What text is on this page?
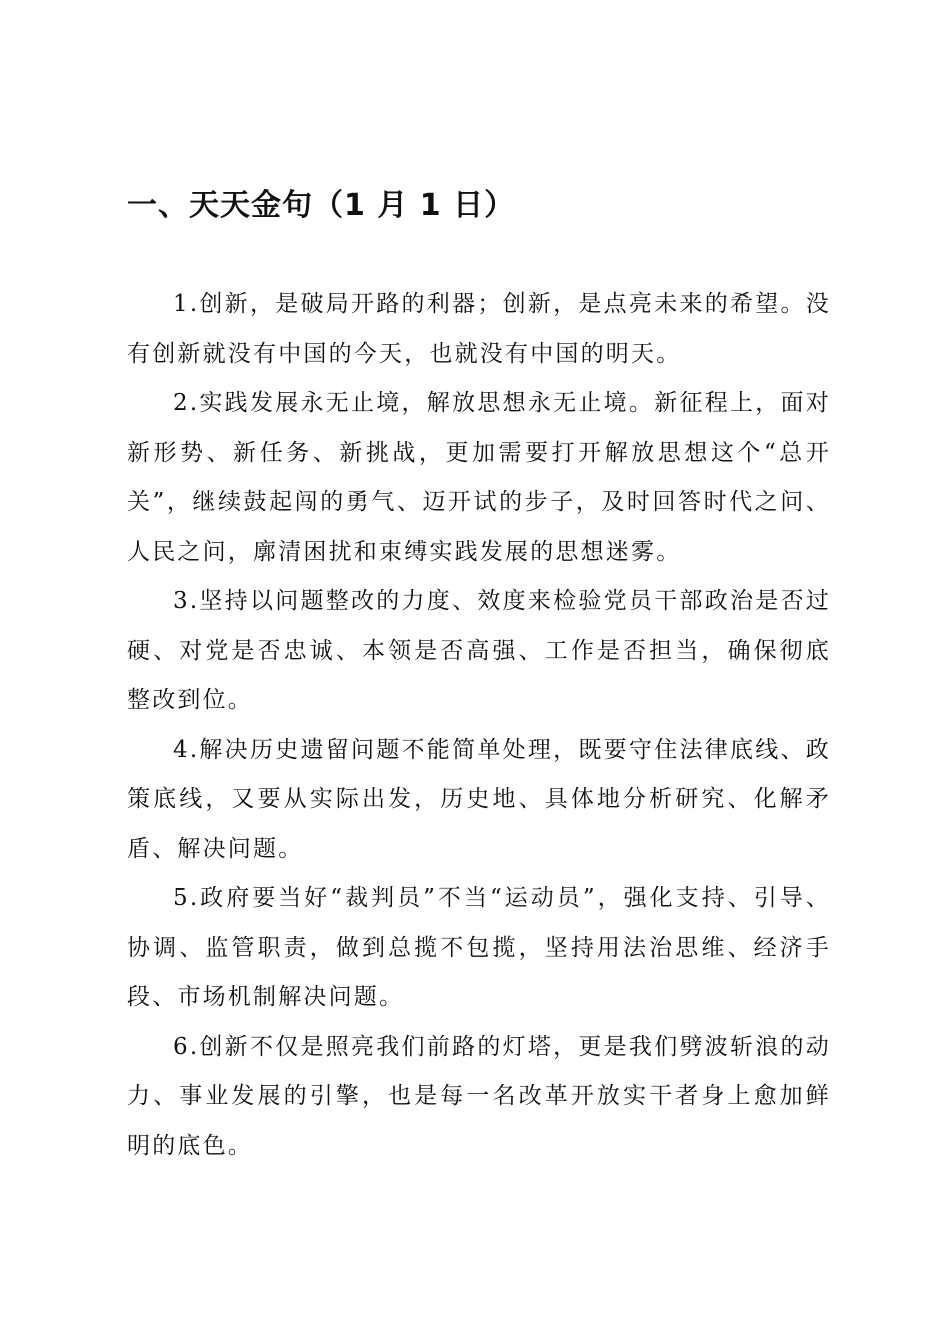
一、天天金句（1 月 1 日）

1.创新，是破局开路的利器；创新，是点亮未来的希望。没有创新就没有中国的今天，也就没有中国的明天。

2.实践发展永无止境，解放思想永无止境。新征程上，面对新形势、新任务、新挑战，更加需要打开解放思想这个“总开关”，继续鼓起闯的勇气、迈开试的步子，及时回答时代之问、人民之问，廓清困扰和束缚实践发展的思想迷雾。

3.坚持以问题整改的力度、效度来检验党员干部政治是否过硬、对党是否忠诚、本领是否高强、工作是否担当，确保彻底整改到位。

4.解决历史遗留问题不能简单处理，既要守住法律底线、政策底线，又要从实际出发，历史地、具体地分析研究、化解矛盾、解决问题。

5.政府要当好“裁判员”不当“运动员”，强化支持、引导、协调、监管职责，做到总揽不包揽，坚持用法治思维、经济手段、市场机制解决问题。

6.创新不仅是照亮我们前路的灯塔，更是我们劈波斩浪的动力、事业发展的引擎，也是每一名改革开放实干者身上愈加鲜明的底色。
